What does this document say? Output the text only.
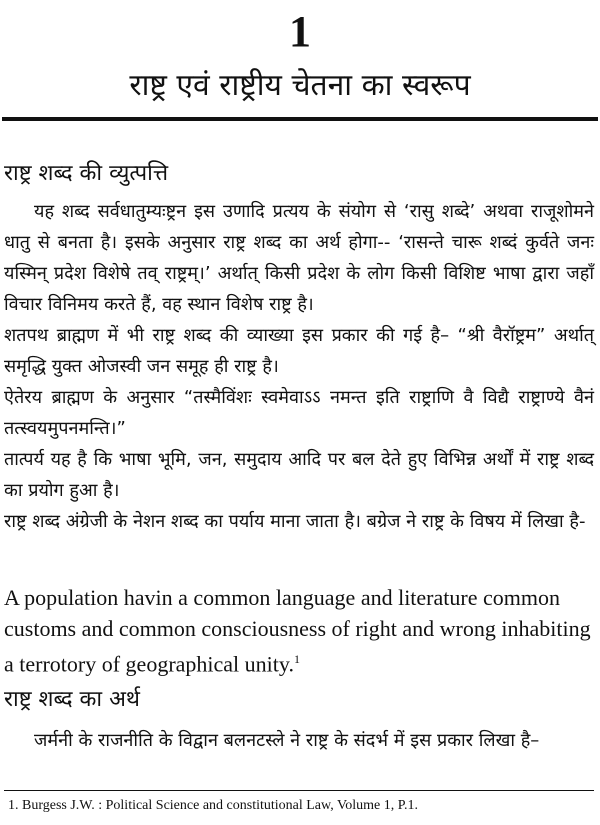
1
राष्ट्र एवं राष्ट्रीय चेतना का स्वरूप
राष्ट्र शब्द की व्युत्पत्ति
यह शब्द सर्वधातुम्यःष्ट्रन इस उणादि प्रत्यय के संयोग से ‘रासु शब्दे’ अथवा राजूशोमने धातु से बनता है। इसके अनुसार राष्ट्र शब्द का अर्थ होगा-- ‘रासन्ते चारू शब्दं कुर्वते जनः यस्मिन् प्रदेश विशेषे तव् राष्ट्रम्।’ अर्थात् किसी प्रदेश के लोग किसी विशिष्ट भाषा द्वारा जहाँ विचार विनिमय करते हैं, वह स्थान विशेष राष्ट्र है।
शतपथ ब्राह्मण में भी राष्ट्र शब्द की व्याख्या इस प्रकार की गई है– “श्री वैरॉष्ट्रम” अर्थात् समृद्धि युक्त ओजस्वी जन समूह ही राष्ट्र है।
ऐतेरय ब्राह्मण के अनुसार “तस्मैविंशः स्वमेवाऽऽ नमन्त इति राष्ट्राणि वै विद्यै राष्ट्राण्ये वैनं तत्स्वयमुपनमन्ति।”
तात्पर्य यह है कि भाषा भूमि, जन, समुदाय आदि पर बल देते हुए विभिन्न अर्थों में राष्ट्र शब्द का प्रयोग हुआ है।
राष्ट्र शब्द अंग्रेजी के नेशन शब्द का पर्याय माना जाता है। बग्रेज ने राष्ट्र के विषय में लिखा है-
A population havin a common language and literature common customs and common consciousness of right and wrong inhabiting a terrotory of geographical unity.$^1$
राष्ट्र शब्द का अर्थ
जर्मनी के राजनीति के विद्वान बलनटस्ले ने राष्ट्र के संदर्भ में इस प्रकार लिखा है–
1. Burgess J.W. : Political Science and constitutional Law, Volume 1, P.1.
